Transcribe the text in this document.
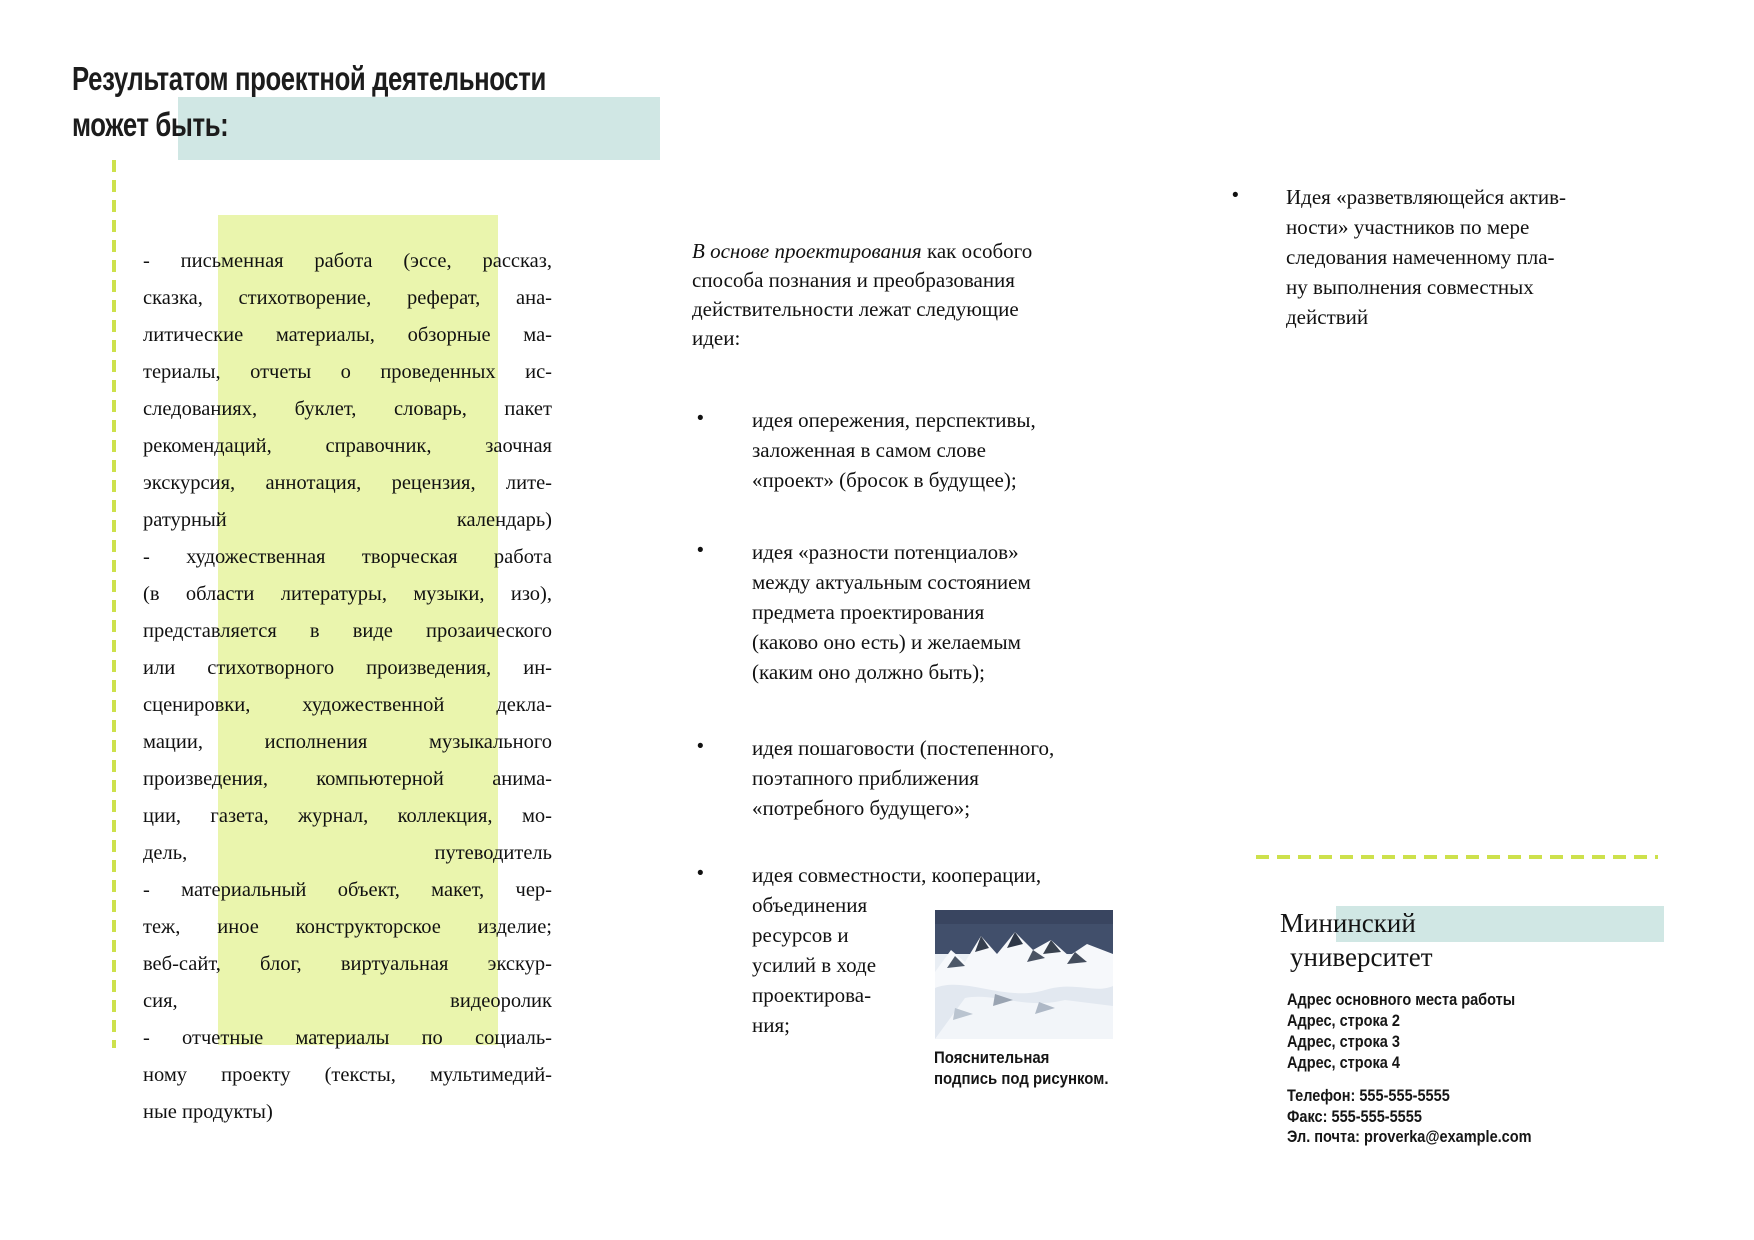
Результатом проектной деятельности
может быть:
- письменная работа (эссе, рассказ,
сказка, стихотворение, реферат, ана-
литические материалы, обзорные ма-
териалы, отчеты о проведенных ис-
следованиях, буклет, словарь, пакет
рекомендаций, справочник, заочная
экскурсия, аннотация, рецензия, лите-
ратурный календарь)
- художественная творческая работа
(в области литературы, музыки, изо),
представляется в виде прозаического
или стихотворного произведения, ин-
сценировки, художественной декла-
мации, исполнения музыкального
произведения, компьютерной анима-
ции, газета, журнал, коллекция, мо-
дель, путеводитель
- материальный объект, макет, чер-
теж, иное конструкторское изделие;
веб-сайт, блог, виртуальная экскур-
сия, видеоролик
- отчетные материалы по социаль-
ному проекту (тексты, мультимедий-
ные продукты)
В основе проектирования как особого
способа познания и преобразования
действительности лежат следующие
идеи:
• идея опережения, перспективы,
заложенная в самом слове
«проект» (бросок в будущее);
• идея «разности потенциалов»
между актуальным состоянием
предмета проектирования
(каково оно есть) и желаемым
(каким оно должно быть);
• идея пошаговости (постепенного,
поэтапного приближения
«потребного будущего»;
• идея совместности, кооперации,
объединения
ресурсов и
усилий в ходе
проектирова-
ния;
Пояснительная подпись под рисунком.
• Идея «разветвляющейся актив-
ности» участников по мере
следования намеченному пла-
ну выполнения совместных
действий
Мининский
университет
Адрес основного места работы
Адрес, строка 2
Адрес, строка 3
Адрес, строка 4
Телефон: 555-555-5555
Факс: 555-555-5555
Эл. почта: proverka@example.com
